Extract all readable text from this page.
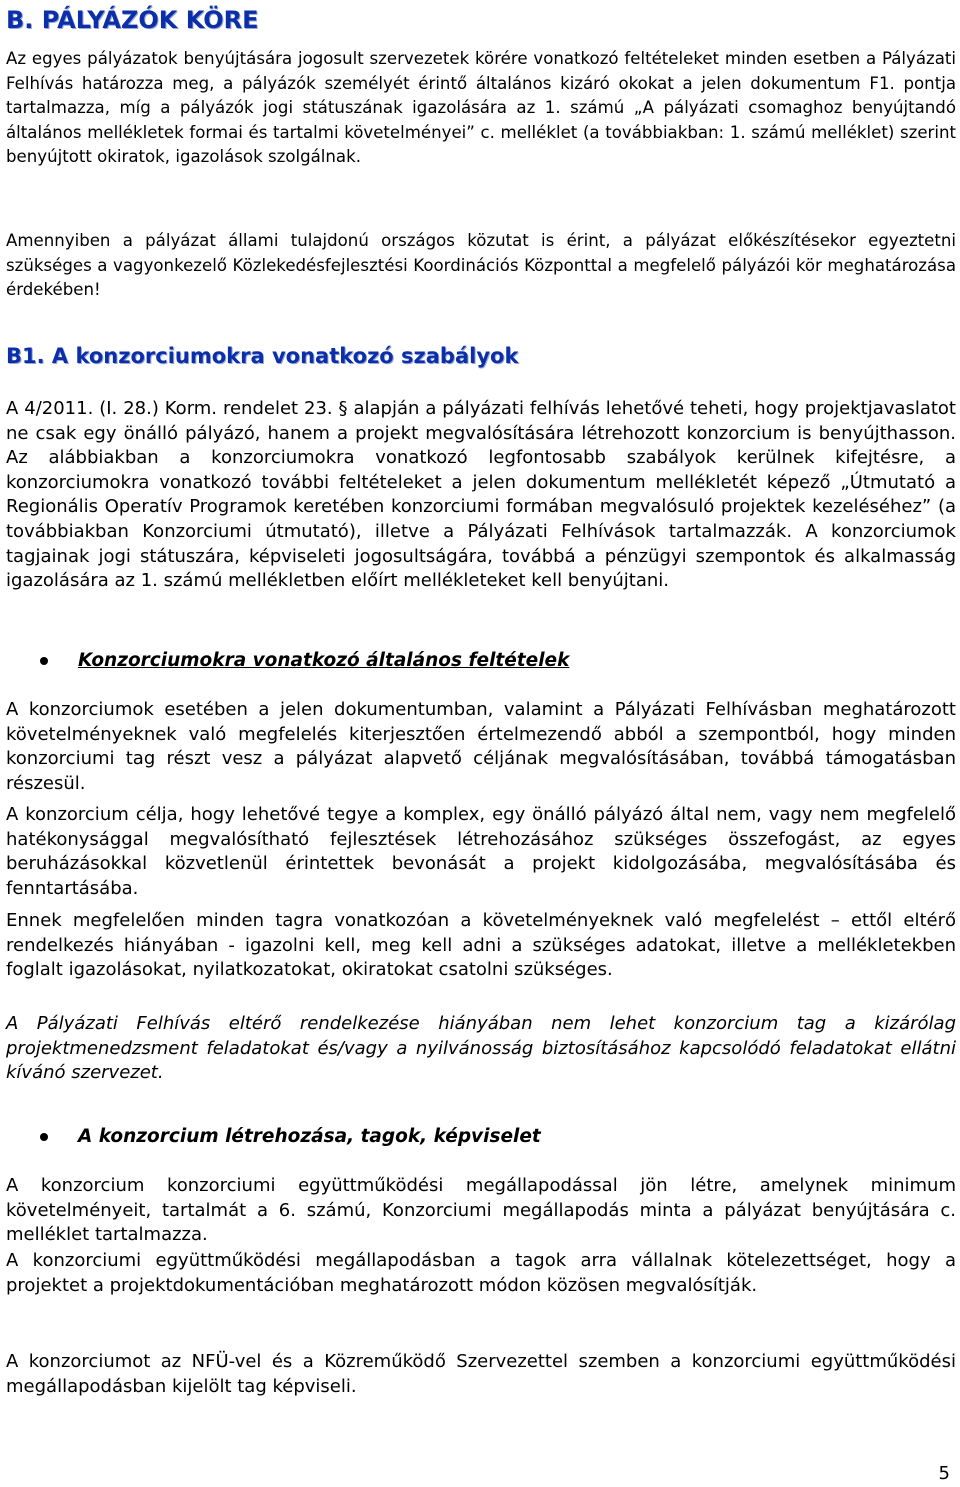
B. PÁLYÁZÓK KÖRE
Az egyes pályázatok benyújtására jogosult szervezetek körére vonatkozó feltételeket minden esetben a Pályázati Felhívás határozza meg, a pályázók személyét érintő általános kizáró okokat a jelen dokumentum F1. pontja tartalmazza, míg a pályázók jogi státuszának igazolására az 1. számú „A pályázati csomaghoz benyújtandó általános mellékletek formai és tartalmi követelményei” c. melléklet (a továbbiakban: 1. számú melléklet) szerint benyújtott okiratok, igazolások szolgálnak.
Amennyiben a pályázat állami tulajdonú országos közutat is érint, a pályázat előkészítésekor egyeztetni szükséges a vagyonkezelő Közlekedésfejlesztési Koordinációs Központtal a megfelelő pályázói kör meghatározása érdekében!
B1. A konzorciumokra vonatkozó szabályok
A 4/2011. (I. 28.) Korm. rendelet 23. § alapján a pályázati felhívás lehetővé teheti, hogy projektjavaslatot ne csak egy önálló pályázó, hanem a projekt megvalósítására létrehozott konzorcium is benyújthasson. Az alábbiakban a konzorciumokra vonatkozó legfontosabb szabályok kerülnek kifejtésre, a konzorciumokra vonatkozó további feltételeket a jelen dokumentum mellékletét képező „Útmutató a Regionális Operatív Programok keretében konzorciumi formában megvalósuló projektek kezeléséhez” (a továbbiakban Konzorciumi útmutató), illetve a Pályázati Felhívások tartalmazzák. A konzorciumok tagjainak jogi státuszára, képviseleti jogosultságára, továbbá a pénzügyi szempontok és alkalmasság igazolására az 1. számú mellékletben előírt mellékleteket kell benyújtani.
Konzorciumokra vonatkozó általános feltételek
A konzorciumok esetében a jelen dokumentumban, valamint a Pályázati Felhívásban meghatározott követelményeknek való megfelelés kiterjesztően értelmezendő abból a szempontból, hogy minden konzorciumi tag részt vesz a pályázat alapvető céljának megvalósításában, továbbá támogatásban részesül.
A konzorcium célja, hogy lehetővé tegye a komplex, egy önálló pályázó által nem, vagy nem megfelelő hatékonysággal megvalósítható fejlesztések létrehozásához szükséges összefogást, az egyes beruházásokkal közvetlenül érintettek bevonását a projekt kidolgozásába, megvalósításába és fenntartásába.
Ennek megfelelően minden tagra vonatkozóan a követelményeknek való megfelelést – ettől eltérő rendelkezés hiányában - igazolni kell, meg kell adni a szükséges adatokat, illetve a mellékletekben foglalt igazolásokat, nyilatkozatokat, okiratokat csatolni szükséges.
A Pályázati Felhívás eltérő rendelkezése hiányában nem lehet konzorcium tag a kizárólag projektmenedzsment feladatokat és/vagy a nyilvánosság biztosításához kapcsolódó feladatokat ellátni kívánó szervezet.
A konzorcium létrehozása, tagok, képviselet
A konzorcium konzorciumi együttműködési megállapodással jön létre, amelynek minimum követelményeit, tartalmát a 6. számú, Konzorciumi megállapodás minta a pályázat benyújtására c. melléklet tartalmazza.
A konzorciumi együttműködési megállapodásban a tagok arra vállalnak kötelezettséget, hogy a projektet a projektdokumentációban meghatározott módon közösen megvalósítják.
A konzorciumot az NFÜ-vel és a Közreműködő Szervezettel szemben a konzorciumi együttműködési megállapodásban kijelölt tag képviseli.
5
